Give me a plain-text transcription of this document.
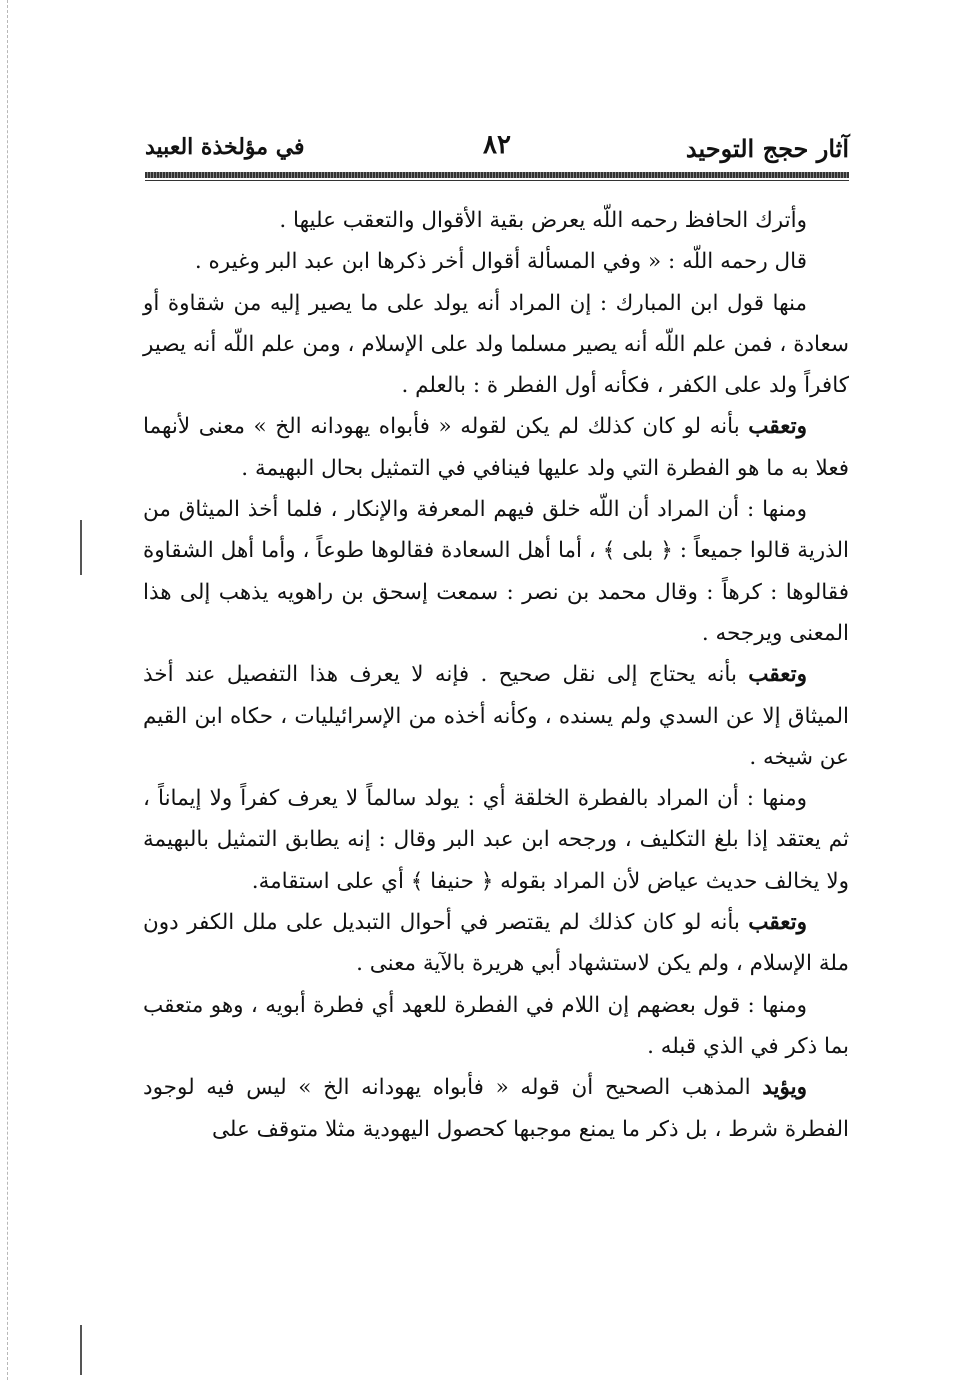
آثار حجج التوحيد
٨٢
في مؤلخذة العبيد

وأترك الحافظ رحمه اللّه يعرض بقية الأقوال والتعقب عليها .

قال رحمه اللّه : « وفي المسألة أقوال أخر ذكرها ابن عبد البر وغيره .

منها قول ابن المبارك : إن المراد أنه يولد على ما يصير إليه من شقاوة أو سعادة ، فمن علم اللّه أنه يصير مسلما ولد على الإسلام ، ومن علم اللّه أنه يصير كافراً ولد على الكفر ، فكأنه أول الفطر ة : بالعلم .

وتعقب بأنه لو كان كذلك لم يكن لقوله « فأبواه يهودانه الخ » معنى لأنهما فعلا به ما هو الفطرة التي ولد عليها فينافي في التمثيل بحال البهيمة .

ومنها : أن المراد أن اللّه خلق فيهم المعرفة والإنكار ، فلما أخذ الميثاق من الذرية قالوا جميعاً : ﴿ بلى ﴾ ، أما أهل السعادة فقالوها طوعاً ، وأما أهل الشقاوة فقالوها : كرهاً : وقال محمد بن نصر : سمعت إسحق بن راهويه يذهب إلى هذا المعنى ويرجحه .

وتعقب بأنه يحتاج إلى نقل صحيح . فإنه لا يعرف هذا التفصيل عند أخذ الميثاق إلا عن السدي ولم يسنده ، وكأنه أخذه من الإسرائيليات ، حكاه ابن القيم عن شيخه .

ومنها : أن المراد بالفطرة الخلقة أي : يولد سالماً لا يعرف كفراً ولا إيماناً ، ثم يعتقد إذا بلغ التكليف ، ورجحه ابن عبد البر وقال : إنه يطابق التمثيل بالبهيمة ولا يخالف حديث عياض لأن المراد بقوله ﴿ حنيفا ﴾ أي على استقامة.

وتعقب بأنه لو كان كذلك لم يقتصر في أحوال التبديل على ملل الكفر دون ملة الإسلام ، ولم يكن لاستشهاد أبي هريرة بالآية معنى .

ومنها : قول بعضهم إن اللام في الفطرة للعهد أي فطرة أبويه ، وهو متعقب بما ذكر في الذي قبله .

ويؤيد المذهب الصحيح أن قوله « فأبواه يهودانه الخ » ليس فيه لوجود الفطرة شرط ، بل ذكر ما يمنع موجبها كحصول اليهودية مثلا متوقف على
